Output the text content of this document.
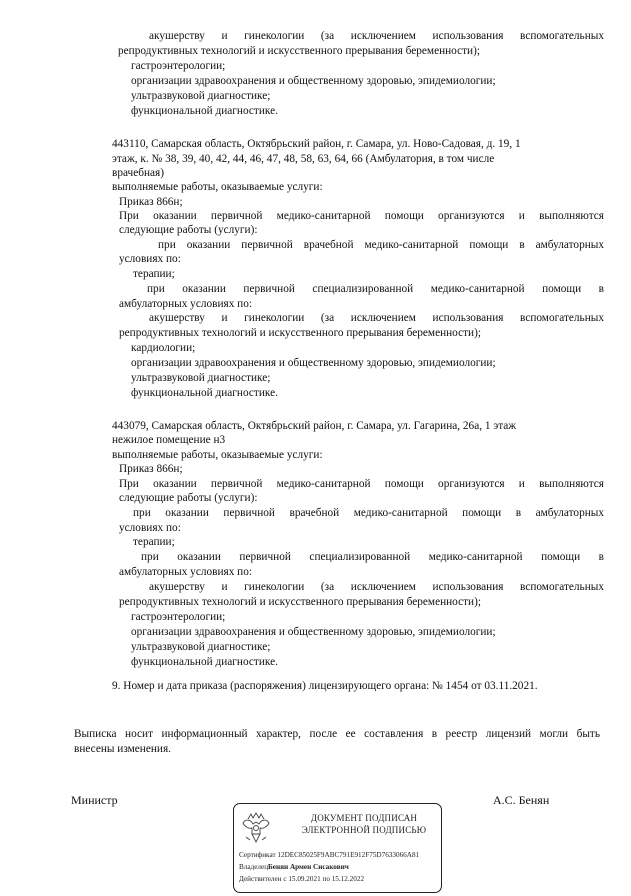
акушерству и гинекологии (за исключением использования вспомогательных
репродуктивных технологий и искусственного прерывания беременности);
гастроэнтерологии;
организации здравоохранения и общественному здоровью, эпидемиологии;
ультразвуковой диагностике;
функциональной диагностике.
443110, Самарская область, Октябрьский район, г. Самара, ул. Ново-Садовая, д. 19, 1
этаж, к. № 38, 39, 40, 42, 44, 46, 47, 48, 58, 63, 64, 66 (Амбулатория, в том числе
врачебная)
выполняемые работы, оказываемые услуги:
Приказ 866н;
При оказании первичной медико-санитарной помощи организуются и выполняются
следующие работы (услуги):
при оказании первичной врачебной медико-санитарной помощи в амбулаторных
условиях по:
терапии;
при оказании первичной специализированной медико-санитарной помощи в
амбулаторных условиях по:
акушерству и гинекологии (за исключением использования вспомогательных
репродуктивных технологий и искусственного прерывания беременности);
кардиологии;
организации здравоохранения и общественному здоровью, эпидемиологии;
ультразвуковой диагностике;
функциональной диагностике.
443079, Самарская область, Октябрьский район, г. Самара, ул. Гагарина, 26а, 1 этаж
нежилое помещение н3
выполняемые работы, оказываемые услуги:
Приказ 866н;
При оказании первичной медико-санитарной помощи организуются и выполняются
следующие работы (услуги):
при оказании первичной врачебной медико-санитарной помощи в амбулаторных
условиях по:
терапии;
при оказании первичной специализированной медико-санитарной помощи в
амбулаторных условиях по:
акушерству и гинекологии (за исключением использования вспомогательных
репродуктивных технологий и искусственного прерывания беременности);
гастроэнтерологии;
организации здравоохранения и общественному здоровью, эпидемиологии;
ультразвуковой диагностике;
функциональной диагностике.
9. Номер и дата приказа (распоряжения) лицензирующего органа: № 1454 от 03.11.2021.
Выписка носит информационный характер, после ее составления в реестр лицензий могли быть
внесены изменения.
Министр	А.С. Бенян
ДОКУМЕНТ ПОДПИСАН
ЭЛЕКТРОННОЙ ПОДПИСЬЮ
Сертификат 12DEC85025F9ABC791E912F75D7633066A81
ВладелецБенян Армен Сисакович
Действителен с 15.09.2021 по 15.12.2022
